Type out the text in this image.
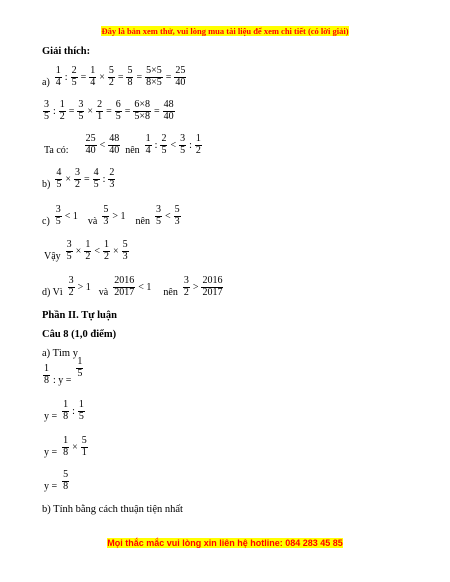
Đây là bản xem thử, vui lòng mua tài liệu để xem chi tiết (có lời giải)
Giải thích:
$a) \frac{1}{4}$ : $\frac{2}{5} = \frac{1}{4} \times \frac{5}{2} = \frac{5}{8} = \frac{5\times 5}{8\times 5} = \frac{25}{40}$
$\frac{3}{5}$ : $\frac{1}{2} = \frac{3}{5} \times \frac{2}{1} = \frac{6}{5} = \frac{6\times 8}{5\times 8} = \frac{48}{40}$
Ta có: $\frac{25}{40} < \frac{48}{40}$ nên $\frac{1}{4}$ : $\frac{2}{5} < \frac{3}{5}$ : $\frac{1}{2}$
$b) \frac{4}{5} \times \frac{3}{2} = \frac{4}{5}$ : $\frac{2}{3}$
$c) \frac{3}{5} < 1$ và $\frac{5}{3} > 1$ nên $\frac{3}{5} < \frac{5}{3}$
Vậy $\frac{3}{5} \times \frac{1}{2} < \frac{1}{2} \times \frac{5}{3}$
d) Vì $\frac{3}{2} > 1$ và $\frac{2016}{2017} < 1$ nên $\frac{3}{2} > \frac{2016}{2017}$
Phần II. Tự luận
Câu 8 (1,0 điểm)
a) Tìm y
$\frac{1}{8}$ : y =
$\frac{1}{5}$
$y = \frac{1}{8}$ : $\frac{1}{5}$
$y = \frac{1}{8} \times \frac{5}{1}$
$y = \frac{5}{8}$
b) Tính bằng cách thuận tiện nhất
Mọi thắc mắc vui lòng xin liên hệ hotline: 084 283 45 85
